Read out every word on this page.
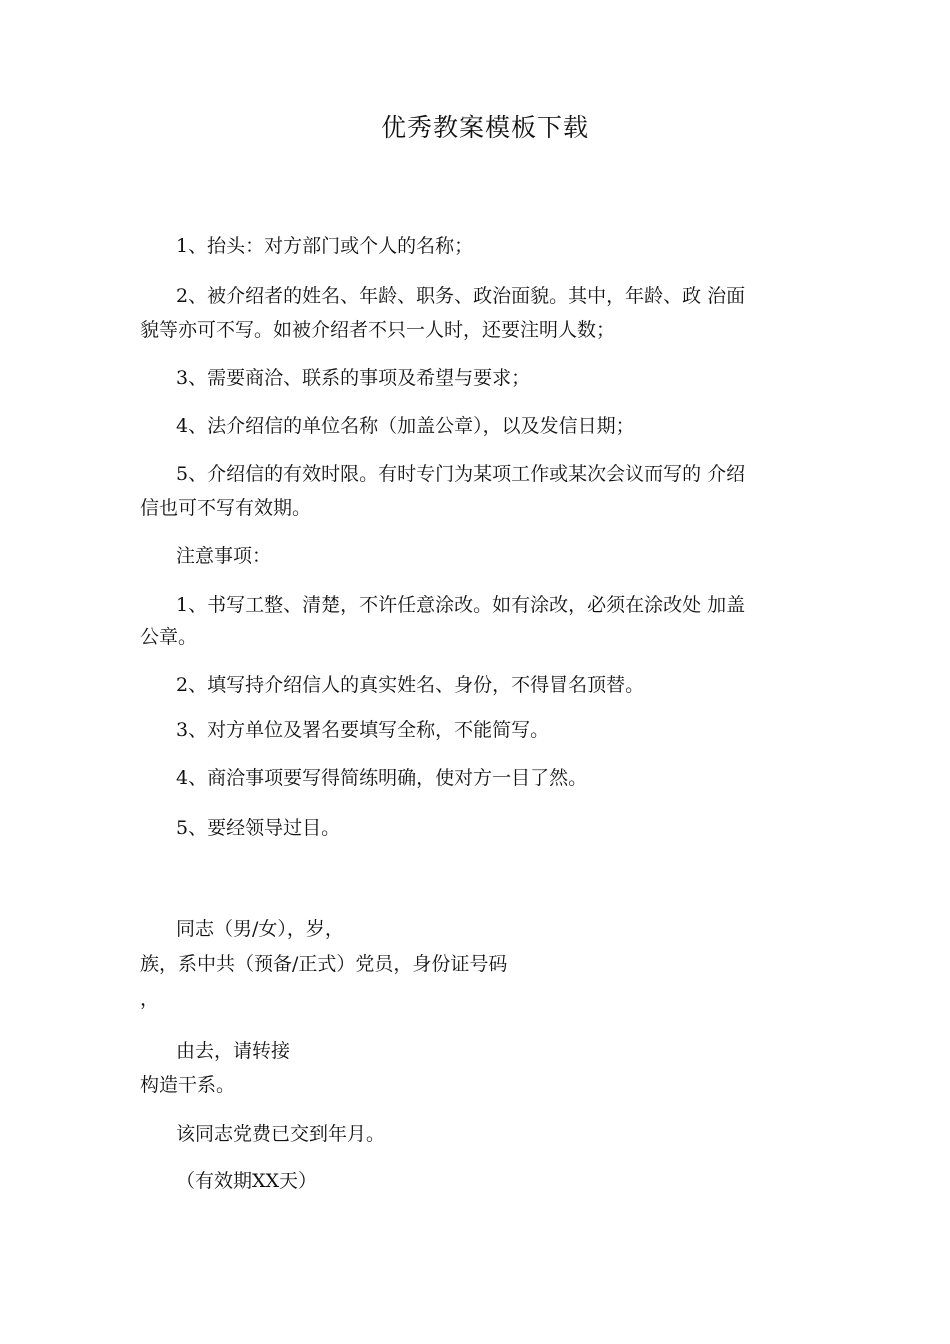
优秀教案模板下载

1、抬头：对方部门或个人的名称；

2、被介绍者的姓名、年龄、职务、政治面貌。其中，年龄、政 治面

貌等亦可不写。如被介绍者不只一人时，还要注明人数；

3、需要商洽、联系的事项及希望与要求；

4、法介绍信的单位名称（加盖公章），以及发信日期；

5、介绍信的有效时限。有时专门为某项工作或某次会议而写的 介绍

信也可不写有效期。

注意事项：

1、书写工整、清楚，不许任意涂改。如有涂改，必须在涂改处 加盖

公章。

2、填写持介绍信人的真实姓名、身份，不得冒名顶替。

3、对方单位及署名要填写全称，不能简写。

4、商洽事项要写得简练明确，使对方一目了然。

5、要经领导过目。

同志（男/女），岁，

族，系中共（预备/正式）党员，身份证号码

，

由去，请转接

构造干系。

该同志党费已交到年月。

（有效期XX天）
